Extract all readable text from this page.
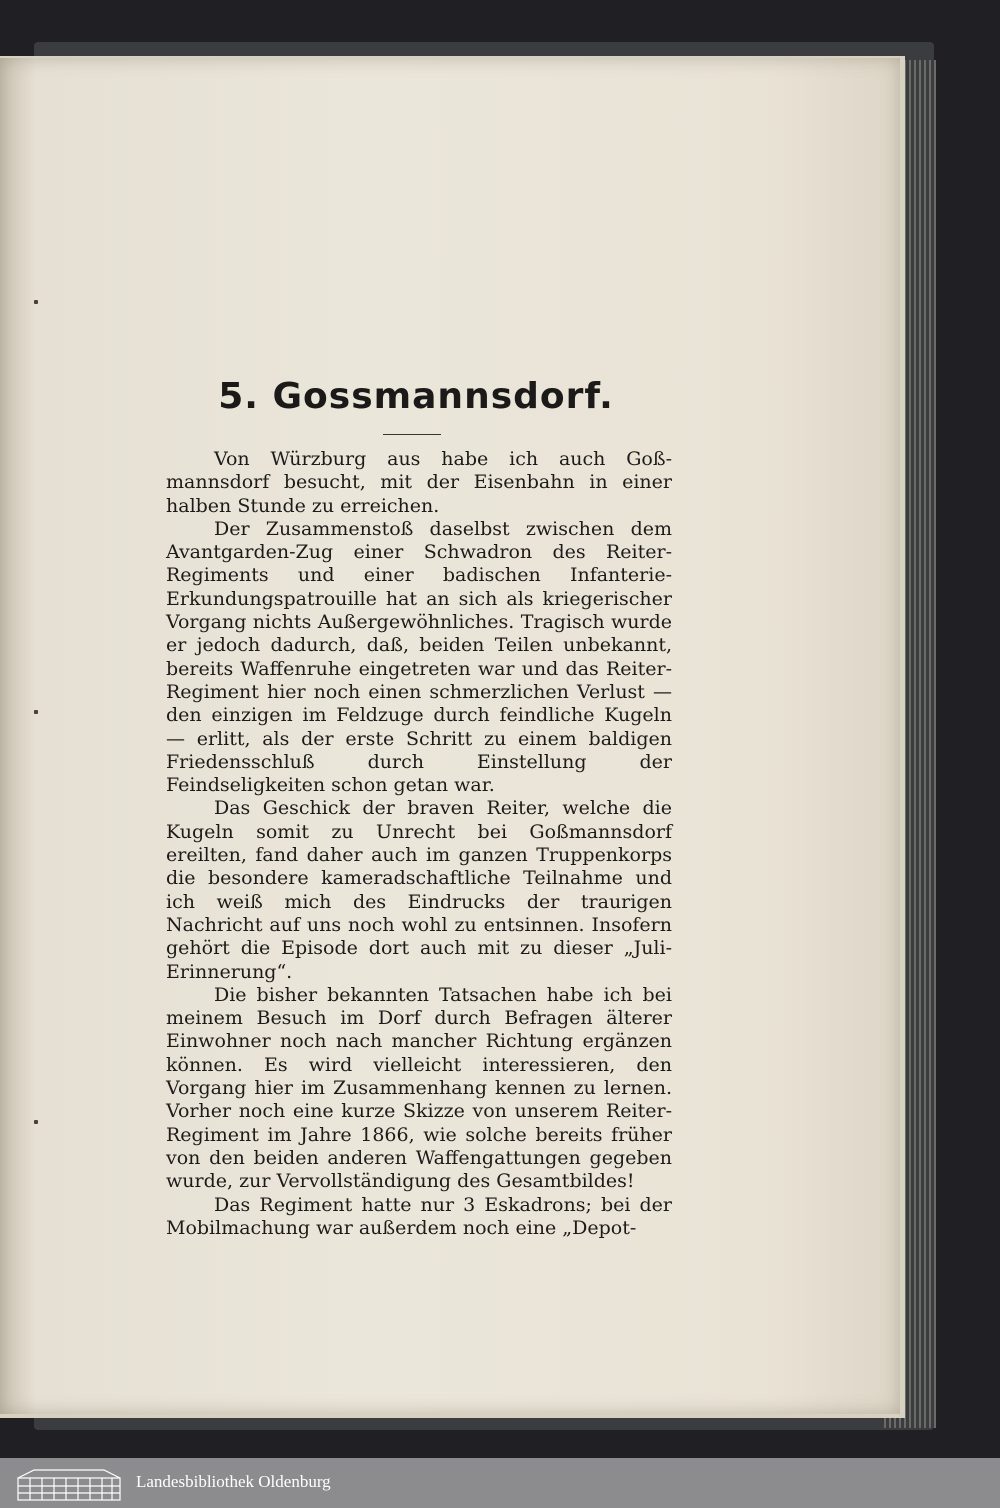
5. Gossmannsdorf.

Von Würzburg aus habe ich auch Goß-mannsdorf besucht, mit der Eisenbahn in einer halben Stunde zu erreichen.

Der Zusammenstoß daselbst zwischen dem Avantgarden-Zug einer Schwadron des Reiter-Regiments und einer badischen Infanterie-Erkundungspatrouille hat an sich als kriegerischer Vorgang nichts Außergewöhnliches. Tragisch wurde er jedoch dadurch, daß, beiden Teilen unbekannt, bereits Waffenruhe eingetreten war und das Reiter-Regiment hier noch einen schmerzlichen Verlust — den einzigen im Feldzuge durch feindliche Kugeln — erlitt, als der erste Schritt zu einem baldigen Friedensschluß durch Einstellung der Feindseligkeiten schon getan war.

Das Geschick der braven Reiter, welche die Kugeln somit zu Unrecht bei Goßmannsdorf ereilten, fand daher auch im ganzen Truppenkorps die besondere kameradschaftliche Teilnahme und ich weiß mich des Eindrucks der traurigen Nachricht auf uns noch wohl zu entsinnen. Insofern gehört die Episode dort auch mit zu dieser „Juli-Erinnerung“.

Die bisher bekannten Tatsachen habe ich bei meinem Besuch im Dorf durch Befragen älterer Einwohner noch nach mancher Richtung ergänzen können. Es wird vielleicht interessieren, den Vorgang hier im Zusammenhang kennen zu lernen. Vorher noch eine kurze Skizze von unserem Reiter-Regiment im Jahre 1866, wie solche bereits früher von den beiden anderen Waffengattungen gegeben wurde, zur Vervollständigung des Gesamtbildes!

Das Regiment hatte nur 3 Eskadrons; bei der Mobilmachung war außerdem noch eine „Depot-

Landesbibliothek Oldenburg
